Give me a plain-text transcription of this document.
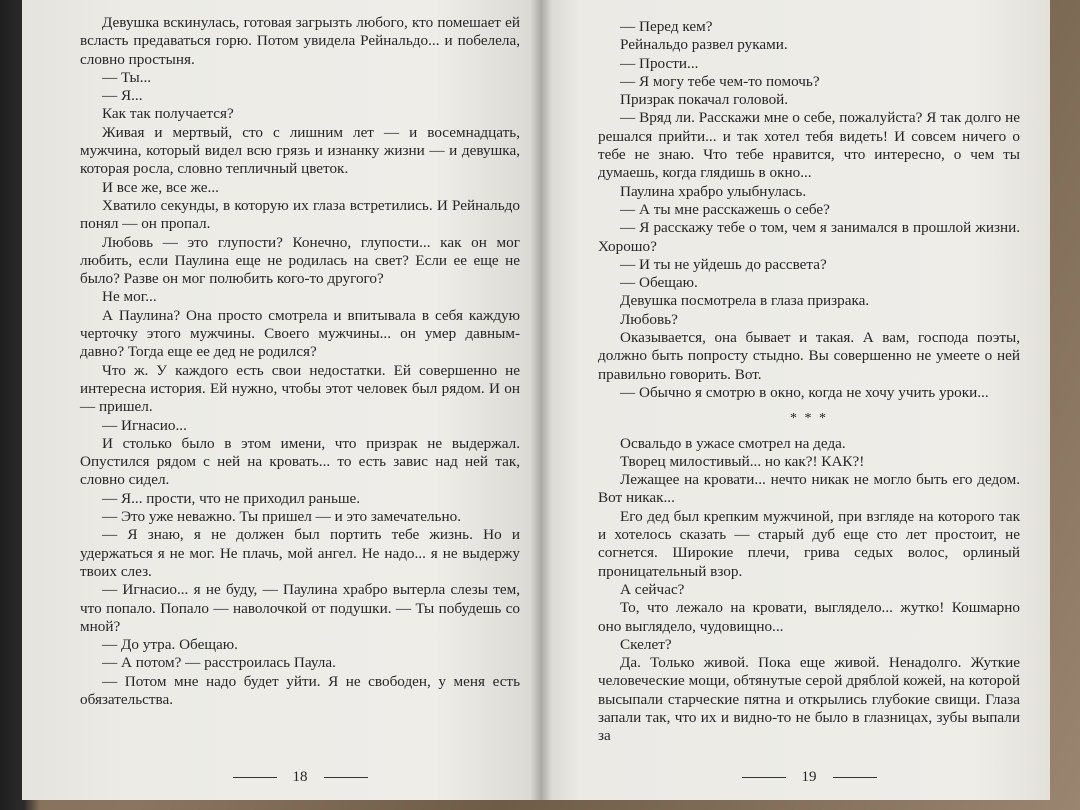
Девушка вскинулась, готовая загрызть любого, кто помешает ей всласть предаваться горю. Потом увидела Рейнальдо... и побелела, словно простыня.

— Ты...

— Я...

Как так получается?

Живая и мертвый, сто с лишним лет — и восемнадцать, мужчина, который видел всю грязь и изнанку жизни — и девушка, которая росла, словно тепличный цветок.

И все же, все же...

Хватило секунды, в которую их глаза встретились. И Рейнальдо понял — он пропал.

Любовь — это глупости? Конечно, глупости... как он мог любить, если Паулина еще не родилась на свет? Если ее еще не было? Разве он мог полюбить кого-то другого?

Не мог...

А Паулина? Она просто смотрела и впитывала в себя каждую черточку этого мужчины. Своего мужчины... он умер давным-давно? Тогда еще ее дед не родился?

Что ж. У каждого есть свои недостатки. Ей совершенно не интересна история. Ей нужно, чтобы этот человек был рядом. И он — пришел.

— Игнасио...

И столько было в этом имени, что призрак не выдержал. Опустился рядом с ней на кровать... то есть завис над ней так, словно сидел.

— Я... прости, что не приходил раньше.

— Это уже неважно. Ты пришел — и это замечательно.

— Я знаю, я не должен был портить тебе жизнь. Но и удержаться я не мог. Не плачь, мой ангел. Не надо... я не выдержу твоих слез.

— Игнасио... я не буду, — Паулина храбро вытерла слезы тем, что попало. Попало — наволочкой от подушки. — Ты побудешь со мной?

— До утра. Обещаю.

— А потом? — расстроилась Паула.

— Потом мне надо будет уйти. Я не свободен, у меня есть обязательства.

18

— Перед кем?

Рейнальдо развел руками.

— Прости...

— Я могу тебе чем-то помочь?

Призрак покачал головой.

— Вряд ли. Расскажи мне о себе, пожалуйста? Я так долго не решался прийти... и так хотел тебя видеть! И совсем ничего о тебе не знаю. Что тебе нравится, что интересно, о чем ты думаешь, когда глядишь в окно...

Паулина храбро улыбнулась.

— А ты мне расскажешь о себе?

— Я расскажу тебе о том, чем я занимался в прошлой жизни. Хорошо?

— И ты не уйдешь до рассвета?

— Обещаю.

Девушка посмотрела в глаза призрака.

Любовь?

Оказывается, она бывает и такая. А вам, господа поэты, должно быть попросту стыдно. Вы совершенно не умеете о ней правильно говорить. Вот.

— Обычно я смотрю в окно, когда не хочу учить уроки...

* * *

Освальдо в ужасе смотрел на деда.

Творец милостивый... но как?! КАК?!

Лежащее на кровати... нечто никак не могло быть его дедом. Вот никак...

Его дед был крепким мужчиной, при взгляде на которого так и хотелось сказать — старый дуб еще сто лет простоит, не согнется. Широкие плечи, грива седых волос, орлиный проницательный взор.

А сейчас?

То, что лежало на кровати, выглядело... жутко! Кошмарно оно выглядело, чудовищно...

Скелет?

Да. Только живой. Пока еще живой. Ненадолго. Жуткие человеческие мощи, обтянутые серой дряблой кожей, на которой высыпали старческие пятна и открылись глубокие свищи. Глаза запали так, что их и видно-то не было в глазницах, зубы выпали за

19
